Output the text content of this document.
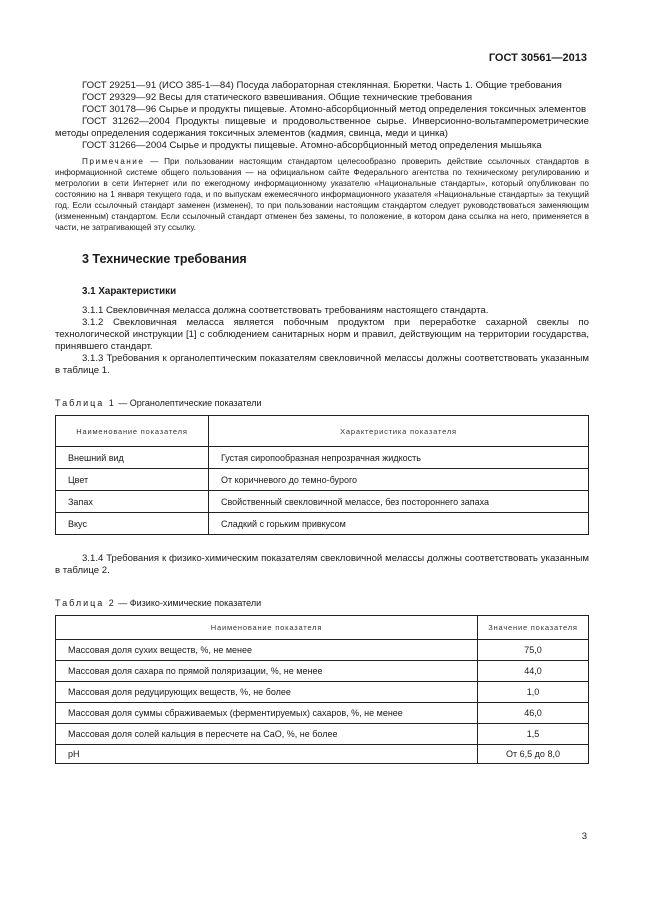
ГОСТ 30561—2013

ГОСТ 29251—91 (ИСО 385-1—84) Посуда лабораторная стеклянная. Бюретки. Часть 1. Общие требования

ГОСТ 29329—92 Весы для статического взвешивания. Общие технические требования

ГОСТ 30178—96 Сырье и продукты пищевые. Атомно-абсорбционный метод определения токсичных элементов

ГОСТ 31262—2004 Продукты пищевые и продовольственное сырье. Инверсионно-вольтамперометрические методы определения содержания токсичных элементов (кадмия, свинца, меди и цинка)

ГОСТ 31266—2004 Сырье и продукты пищевые. Атомно-абсорбционный метод определения мышьяка

Примечание — При пользовании настоящим стандартом целесообразно проверить действие ссылочных стандартов в информационной системе общего пользования — на официальном сайте Федерального агентства по техническому регулированию и метрологии в сети Интернет или по ежегодному информационному указателю «Национальные стандарты», который опубликован по состоянию на 1 января текущего года, и по выпускам ежемесячного информационного указателя «Национальные стандарты» за текущий год. Если ссылочный стандарт заменен (изменен), то при пользовании настоящим стандартом следует руководствоваться заменяющим (измененным) стандартом. Если ссылочный стандарт отменен без замены, то положение, в котором дана ссылка на него, применяется в части, не затрагивающей эту ссылку.

3 Технические требования
3.1 Характеристики

3.1.1 Свекловичная меласса должна соответствовать требованиям настоящего стандарта.

3.1.2 Свекловичная меласса является побочным продуктом при переработке сахарной свеклы по технологической инструкции [1] с соблюдением санитарных норм и правил, действующим на территории государства, принявшего стандарт.

3.1.3 Требования к органолептическим показателям свекловичной мелассы должны соответствовать указанным в таблице 1.

Таблица 1 — Органолептические показатели

Наименование показателя	Характеристика показателя
Внешний вид	Густая сиропообразная непрозрачная жидкость
Цвет	От коричневого до темно-бурого
Запах	Свойственный свекловичной мелассе, без постороннего запаха
Вкус	Сладкий с горьким привкусом

3.1.4 Требования к физико-химическим показателям свекловичной мелассы должны соответствовать указанным в таблице 2.

Таблица 2 — Физико-химические показатели

Наименование показателя	Значение показателя
Массовая доля сухих веществ, %, не менее	75,0
Массовая доля сахара по прямой поляризации, %, не менее	44,0
Массовая доля редуцирующих веществ, %, не более	1,0
Массовая доля суммы сбраживаемых (ферментируемых) сахаров, %, не менее	46,0
Массовая доля солей кальция в пересчете на CaO, %, не более	1,5
pH	От 6,5 до 8,0
3
